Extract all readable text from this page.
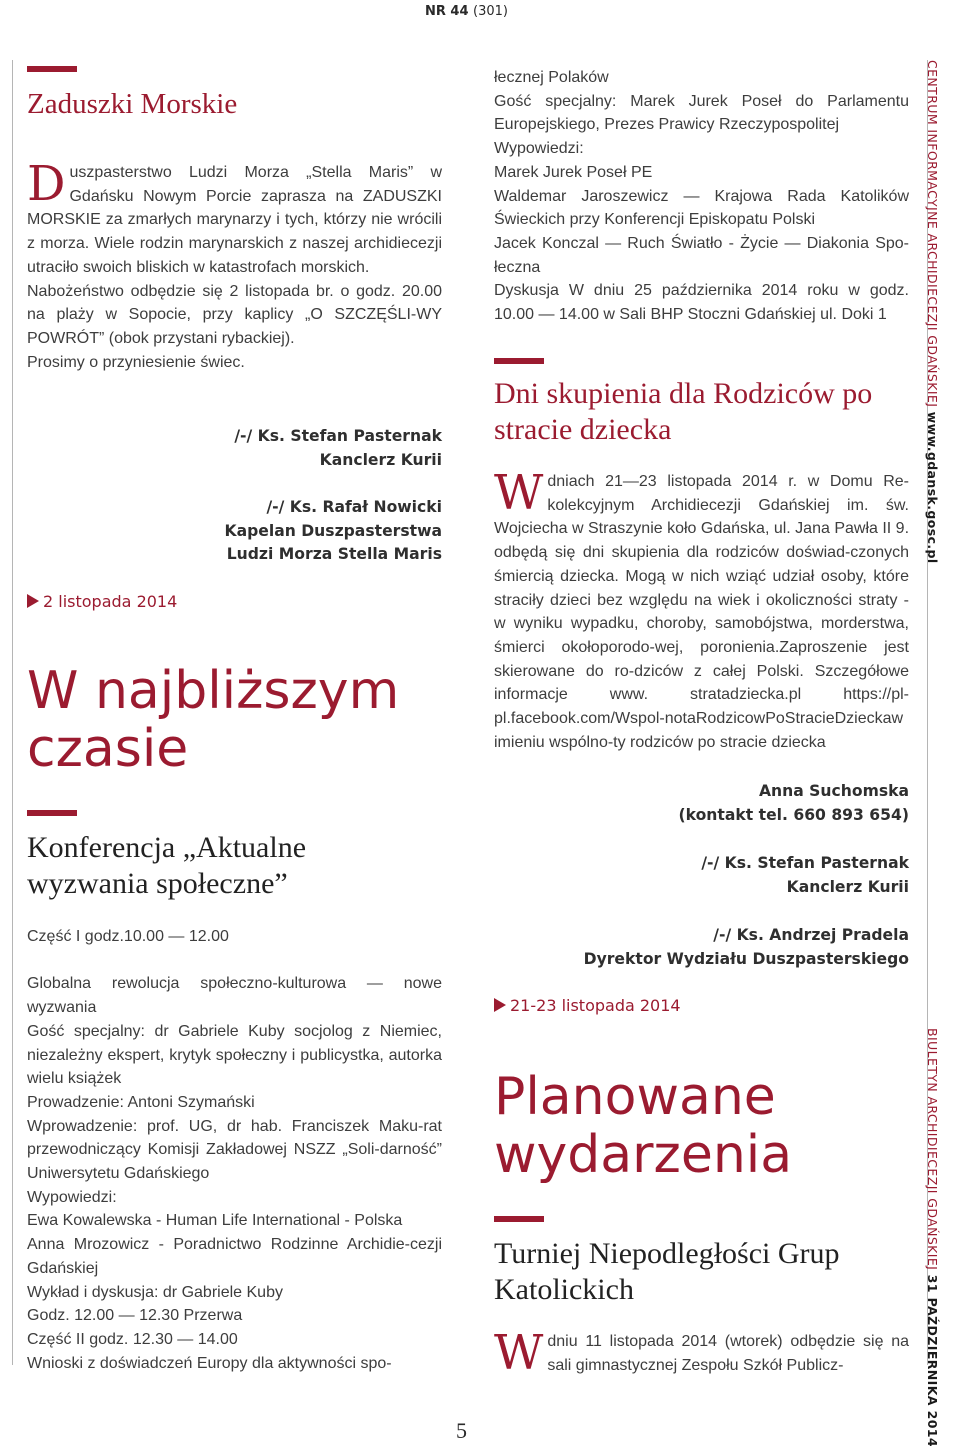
NR 44 (301)
Zaduszki Morskie

Duszpasterstwo Ludzi Morza „Stella Maris” w Gdańsku Nowym Porcie zaprasza na ZADUSZKI MORSKIE za zmarłych marynarzy i tych, którzy nie wrócili z morza. Wiele rodzin marynarskich z naszej archidiecezji utraciło swoich bliskich w katastrofach morskich.

Nabożeństwo odbędzie się 2 listopada br. o godz. 20.00 na plaży w Sopocie, przy kaplicy „O SZCZĘŚLI-WY POWRÓT” (obok przystani rybackiej).

Prosimy o przyniesienie świec.

/-/ Ks. Stefan Pasternak
Kanclerz Kurii
/-/ Ks. Rafał Nowicki
Kapelan Duszpasterstwa
Ludzi Morza Stella Maris
2 listopada 2014
W najbliższym
czasie
Konferencja „Aktualne
wyzwania społeczne”

Część I godz.10.00 — 12.00

Globalna rewolucja społeczno-kulturowa — nowe wyzwania

Gość specjalny: dr Gabriele Kuby socjolog z Niemiec, niezależny ekspert, krytyk społeczny i publicystka, autorka wielu książek

Prowadzenie: Antoni Szymański

Wprowadzenie: prof. UG, dr hab. Franciszek Maku-rat przewodniczący Komisji Zakładowej NSZZ „Soli-darność” Uniwersytetu Gdańskiego

Wypowiedzi:

Ewa Kowalewska - Human Life International - Polska

Anna Mrozowicz - Poradnictwo Rodzinne Archidie-cezji Gdańskiej

Wykład i dyskusja: dr Gabriele Kuby

Godz. 12.00 — 12.30 Przerwa

Część II godz. 12.30 — 14.00

Wnioski z doświadczeń Europy dla aktywności spo-

łecznej Polaków

Gość specjalny: Marek Jurek Poseł do Parlamentu Europejskiego, Prezes Prawicy Rzeczypospolitej

Wypowiedzi:

Marek Jurek Poseł PE

Waldemar Jaroszewicz — Krajowa Rada Katolików Świeckich przy Konferencji Episkopatu Polski

Jacek Konczal — Ruch Światło - Życie — Diakonia Spo-łeczna

Dyskusja W dniu 25 października 2014 roku w godz. 10.00 — 14.00 w Sali BHP Stoczni Gdańskiej ul. Doki 1

Dni skupienia dla Rodziców po stracie dziecka

Wdniach 21—23 listopada 2014 r. w Domu Re-kolekcyjnym Archidiecezji Gdańskiej im. św. Wojciecha w Straszynie koło Gdańska, ul. Jana Pawła II 9. odbędą się dni skupienia dla rodziców doświad-czonych śmiercią dziecka. Mogą w nich wziąć udział osoby, które straciły dzieci bez względu na wiek i okoliczności straty - w wyniku wypadku, choroby, samobójstwa, morderstwa, śmierci okołoporodo-wej, poronienia.Zaproszenie jest skierowane do ro-dziców z całej Polski. Szczegółowe informacje www. stratadziecka.pl https://pl-pl.facebook.com/Wspol-notaRodzicowPoStracieDzieckaw imieniu wspólno-ty rodziców po stracie dziecka

Anna Suchomska
(kontakt tel. 660 893 654)
/-/ Ks. Stefan Pasternak
Kanclerz Kurii
/-/ Ks. Andrzej Pradela
Dyrektor Wydziału Duszpasterskiego
21-23 listopada 2014
Planowane
wydarzenia
Turniej Niepodległości Grup Katolickich

Wdniu 11 listopada 2014 (wtorek) odbędzie się na sali gimnastycznej Zespołu Szkół Publicz-

CENTRUM INFORMACYJNE ARCHIDIECEZJI GDAŃSKIEJ www.gdansk.gosc.pl
BIULETYN ARCHIDIECEZJI GDAŃSKIEJ 31 PAŹDZIERNIKA 2014
5
